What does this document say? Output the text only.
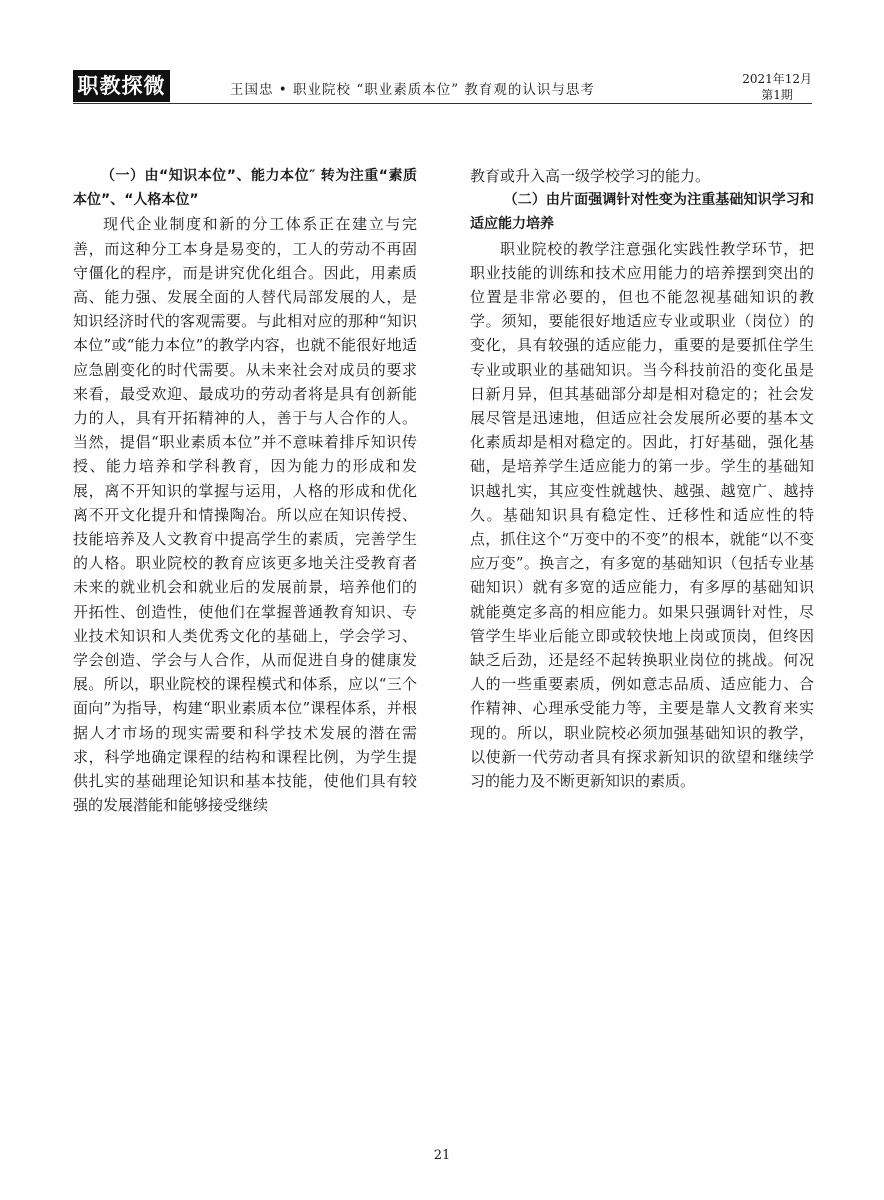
职教探微	王国忠 • 职业院校 “职业素质本位” 教育观的认识与思考
2021年12月
第1期
（一）由“知识本位”、能力本位″ 转为注重“素质本位”、“人格本位”

现代企业制度和新的分工体系正在建立与完善，而这种分工本身是易变的，工人的劳动不再固守僵化的程序，而是讲究优化组合。因此，用素质高、能力强、发展全面的人替代局部发展的人，是知识经济时代的客观需要。与此相对应的那种“知识本位”或“能力本位”的教学内容，也就不能很好地适应急剧变化的时代需要。从未来社会对成员的要求来看，最受欢迎、最成功的劳动者将是具有创新能力的人，具有开拓精神的人，善于与人合作的人。当然，提倡“职业素质本位”并不意味着排斥知识传授、能力培养和学科教育，因为能力的形成和发展，离不开知识的掌握与运用，人格的形成和优化离不开文化提升和情操陶冶。所以应在知识传授、技能培养及人文教育中提高学生的素质，完善学生的人格。职业院校的教育应该更多地关注受教育者未来的就业机会和就业后的发展前景，培养他们的开拓性、创造性，使他们在掌握普通教育知识、专业技术知识和人类优秀文化的基础上，学会学习、学会创造、学会与人合作，从而促进自身的健康发展。所以，职业院校的课程模式和体系，应以“三个面向”为指导，构建“职业素质本位”课程体系，并根据人才市场的现实需要和科学技术发展的潜在需求，科学地确定课程的结构和课程比例，为学生提供扎实的基础理论知识和基本技能，使他们具有较强的发展潜能和能够接受继续

教育或升入高一级学校学习的能力。

（二）由片面强调针对性变为注重基础知识学习和适应能力培养

职业院校的教学注意强化实践性教学环节，把职业技能的训练和技术应用能力的培养摆到突出的位置是非常必要的，但也不能忽视基础知识的教学。须知，要能很好地适应专业或职业（岗位）的变化，具有较强的适应能力，重要的是要抓住学生专业或职业的基础知识。当今科技前沿的变化虽是日新月异，但其基础部分却是相对稳定的；社会发展尽管是迅速地，但适应社会发展所必要的基本文化素质却是相对稳定的。因此，打好基础，强化基础，是培养学生适应能力的第一步。学生的基础知识越扎实，其应变性就越快、越强、越宽广、越持久。基础知识具有稳定性、迁移性和适应性的特点，抓住这个“万变中的不变”的根本，就能“以不变应万变”。换言之，有多宽的基础知识（包括专业基础知识）就有多宽的适应能力，有多厚的基础知识就能奠定多高的相应能力。如果只强调针对性，尽管学生毕业后能立即或较快地上岗或顶岗，但终因缺乏后劲，还是经不起转换职业岗位的挑战。何况人的一些重要素质，例如意志品质、适应能力、合作精神、心理承受能力等，主要是靠人文教育来实现的。所以，职业院校必须加强基础知识的教学，以使新一代劳动者具有探求新知识的欲望和继续学习的能力及不断更新知识的素质。

21
